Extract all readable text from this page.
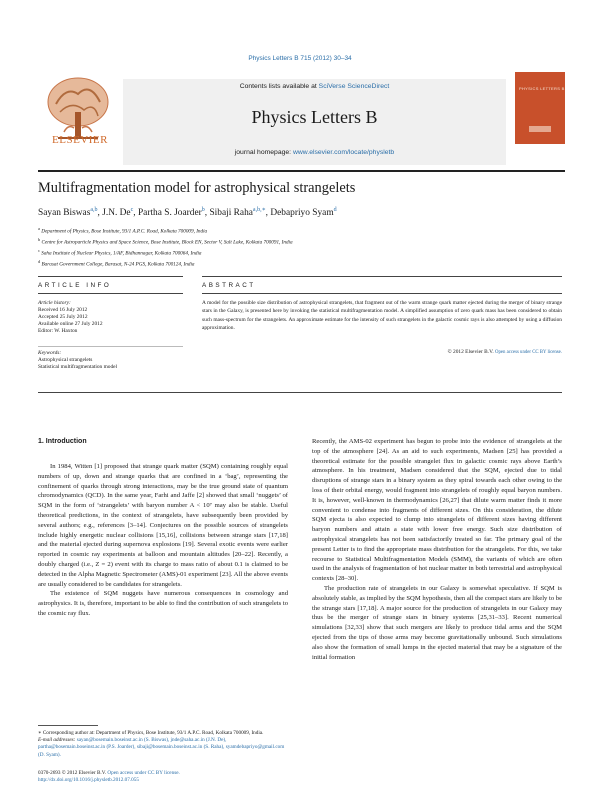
Physics Letters B 715 (2012) 30–34
ELSEVIER
Contents lists available at SciVerse ScienceDirect
Physics Letters B
journal homepage: www.elsevier.com/locate/physletb
PHYSICS LETTERS B
Multifragmentation model for astrophysical strangelets
Sayan Biswas$^{a,b}$, J.N. De$^c$, Partha S. Joarder$^b$, Sibaji Raha$^{a,b,∗}$, Debapriyo Syam$^d$
$^a$ Department of Physics, Bose Institute, 93/1 A.P.C. Road, Kolkata 700009, India
$^b$ Centre for Astroparticle Physics and Space Science, Bose Institute, Block EN, Sector V, Salt Lake, Kolkata 700091, India
$^c$ Saha Institute of Nuclear Physics, 1/AF, Bidhannagar, Kolkata 700064, India
$^d$ Barasat Government College, Barasat, N-24 PGS, Kolkata 700124, India
ARTICLE INFO
Article history:
Received 16 July 2012
Accepted 25 July 2012
Available online 27 July 2012
Editor: W. Haxton
Keywords:
Astrophysical strangelets
Statistical multifragmentation model
ABSTRACT
A model for the possible size distribution of astrophysical strangelets, that fragment out of the warm strange quark matter ejected during the merger of binary strange stars in the Galaxy, is presented here by invoking the statistical multifragmentation model. A simplified assumption of zero quark mass has been considered to obtain such mass-spectrum for the strangelets. An approximate estimate for the intensity of such strangelets in the galactic cosmic rays is also attempted by using a diffusion approximation.
© 2012 Elsevier B.V. Open access under CC BY license.
1. Introduction

In 1984, Witten [1] proposed that strange quark matter (SQM) containing roughly equal numbers of up, down and strange quarks that are confined in a ‘bag’, representing the confinement of quarks through strong interactions, may be the true ground state of quantum chromodynamics (QCD). In the same year, Farhi and Jaffe [2] showed that small ‘nuggets’ of SQM in the form of ‘strangelets’ with baryon number A < 10⁷ may also be stable. Useful theoretical predictions, in the context of strangelets, have subsequently been provided by several authors; e.g., references [3–14]. Conjectures on the possible sources of strangelets include highly energetic nuclear collisions [15,16], collisions between strange stars [17,18] and the material ejected during supernova explosions [19]. Several exotic events were earlier reported in cosmic ray experiments at balloon and mountain altitudes [20–22]. Recently, a doubly charged (i.e., Z = 2) event with its charge to mass ratio of about 0.1 is claimed to be detected in the Alpha Magnetic Spectrometer (AMS)-01 experiment [23]. All the above events are usually considered to be candidates for strangelets.

The existence of SQM nuggets have numerous consequences in cosmology and astrophysics. It is, therefore, important to be able to find the contribution of such strangelets to the cosmic ray flux.

Recently, the AMS-02 experiment has begun to probe into the evidence of strangelets at the top of the atmosphere [24]. As an aid to such experiments, Madsen [25] has provided a theoretical estimate for the possible strangelet flux in galactic cosmic rays above Earth’s atmosphere. In his treatment, Madsen considered that the SQM, ejected due to tidal disruptions of strange stars in a binary system as they spiral towards each other owing to the loss of their orbital energy, would fragment into strangelets of roughly equal baryon numbers. It is, however, well-known in thermodynamics [26,27] that dilute warm matter finds it more convenient to condense into fragments of different sizes. On this consideration, the dilute SQM ejecta is also expected to clump into strangelets of different sizes having different baryon numbers and attain a state with lower free energy. Such size distribution of astrophysical strangelets has not been satisfactorily treated so far. The primary goal of the present Letter is to find the appropriate mass distribution for the strangelets. For this, we take recourse to Statistical Multifragmentation Models (SMM), the variants of which are often used in the analysis of fragmentation of hot nuclear matter in both terrestrial and astrophysical contexts [28–30].

The production rate of strangelets in our Galaxy is somewhat speculative. If SQM is absolutely stable, as implied by the SQM hypothesis, then all the compact stars are likely to be the strange stars [17,18]. A major source for the production of strangelets in our Galaxy may thus be the merger of strange stars in binary systems [25,31–33]. Recent numerical simulations [32,33] show that such mergers are likely to produce tidal arms and the SQM ejected from the tips of those arms may become gravitationally unbound. Such simulations also show the formation of small lumps in the ejected material that may be a signature of the initial formation

∗ Corresponding author at: Department of Physics, Bose Institute, 93/1 A.P.C. Road, Kolkata 700009, India.
E-mail addresses: sayan@bosemain.boseinst.ac.in (S. Biswas), jnde@saha.ac.in (J.N. De), partha@bosemain.boseinst.ac.in (P.S. Joarder), sibaji@bosemain.boseinst.ac.in (S. Raha), syamdebapriyo@gmail.com (D. Syam).
0370-2693 © 2012 Elsevier B.V. Open access under CC BY license.
http://dx.doi.org/10.1016/j.physletb.2012.07.055
